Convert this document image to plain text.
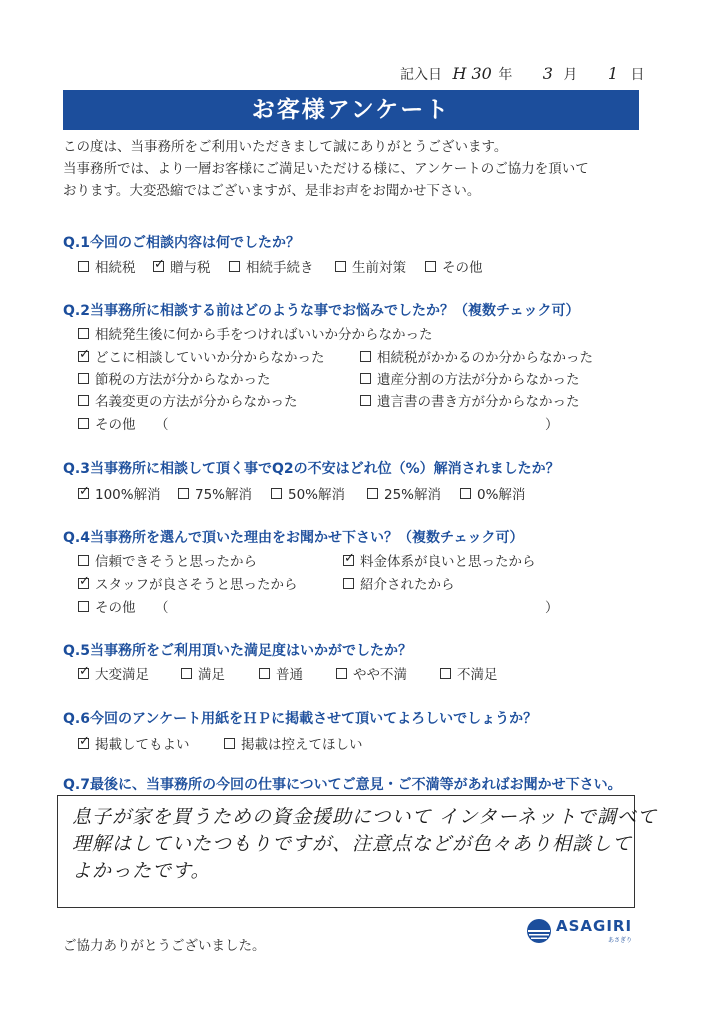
記入日 H 30 年 3 月 1 日
お客様アンケート
この度は、当事務所をご利用いただきまして誠にありがとうございます。
当事務所では、より一層お客様にご満足いただける様に、アンケートのご協力を頂いて
おります。大変恐縮ではございますが、是非お声をお聞かせ下さい。
Q.1今回のご相談内容は何でしたか？
相続税 ✓	贈与税	相続手続き	生前対策	その他
Q.2当事務所に相談する前はどのような事でお悩みでしたか？（複数チェック可）
相続発生後に何から手をつければいいか分からなかった
✓
どこに相談していいか分からなかった	相続税がかかるのか分からなかった
節税の方法が分からなかった	遺産分割の方法が分からなかった
名義変更の方法が分からなかった	遺言書の書き方が分からなかった
その他 （	）
Q.3当事務所に相談して頂く事でQ2の不安はどれ位（%）解消されましたか？
✓
100%解消	75%解消	50%解消	25%解消	0%解消
Q.4当事務所を選んで頂いた理由をお聞かせ下さい？（複数チェック可）
信頼できそうと思ったから ✓	料金体系が良いと思ったから
✓
スタッフが良さそうと思ったから	紹介されたから
その他 （	）
Q.5当事務所をご利用頂いた満足度はいかがでしたか？
✓
大変満足	満足	普通	やや不満	不満足
Q.6今回のアンケート用紙をＨＰに掲載させて頂いてよろしいでしょうか？
✓
掲載してもよい	掲載は控えてほしい
Q.7最後に、当事務所の今回の仕事についてご意見・ご不満等があればお聞かせ下さい。
息子が家を買うための資金援助について インターネットで調べて
理解はしていたつもりですが、注意点などが色々あり相談して
よかったです。
ご協力ありがとうございました。
ASAGIRI
あさぎり
